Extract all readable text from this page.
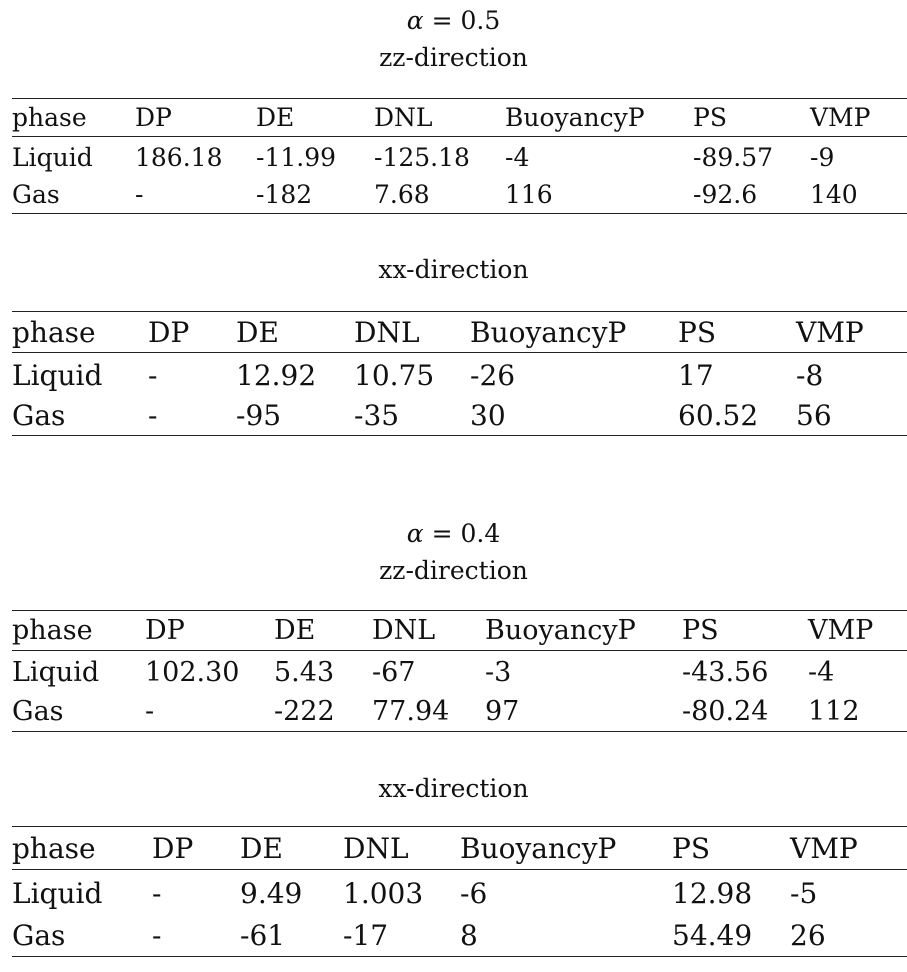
α = 0.5
zz-direction
phase	DP	DE	DNL	BuoyancyP	PS	VMP
Liquid	186.18	-11.99	-125.18	-4	-89.57	-9
Gas	-	-182	7.68	116	-92.6	140
xx-direction
phase	DP	DE	DNL	BuoyancyP	PS	VMP
Liquid	-	12.92	10.75	-26	17	-8
Gas	-	-95	-35	30	60.52	56
α = 0.4
zz-direction
phase	DP	DE	DNL	BuoyancyP	PS	VMP
Liquid	102.30	5.43	-67	-3	-43.56	-4
Gas	-	-222	77.94	97	-80.24	112
xx-direction
phase	DP	DE	DNL	BuoyancyP	PS	VMP
Liquid	-	9.49	1.003	-6	12.98	-5
Gas	-	-61	-17	8	54.49	26
